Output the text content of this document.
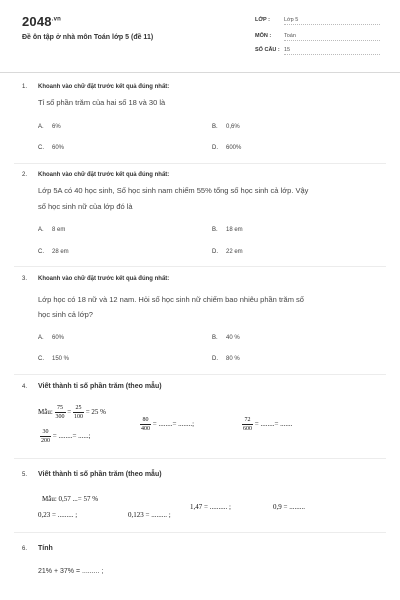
$2048^{.vn}$
Đề ôn tập ở nhà môn Toán lớp 5 (đề 11)
LỚP :	Lớp 5
MÔN : Toán
SỐ CÂU : 15
1. Khoanh vào chữ đặt trước kết quả đúng nhất:
Tỉ số phần trăm của hai số 18 và 30 là
A. 6%	B. 0,6%
C. 60%	D. 600%
2. Khoanh vào chữ đặt trước kết quả đúng nhất:
Lớp 5A có 40 học sinh, Số học sinh nam chiếm 55% tổng số học sinh cả lớp. Vậy
số học sinh nữ của lớp đó là
A. 8 em	B. 18 em
C. 28 em	D. 22 em
3. Khoanh vào chữ đặt trước kết quả đúng nhất:
Lớp học có 18 nữ và 12 nam. Hỏi số học sinh nữ chiếm bao nhiêu phần trăm số
học sinh cả lớp?
A. 60%	B. 40 %
C. 150 %	D. 80 %
4. Viết thành tỉ số phần trăm (theo mẫu)
Mẫu: $\frac{75}{300} = \frac{25}{100} = 25$ %
$\frac{80}{400}$ = ........= ........;	$\frac{72}{600}$ = ........= .......
$\frac{30}{200}$ = ........= ......;
5. Viết thành tỉ số phần trăm (theo mẫu)
Mẫu: 0,57 ...= 57 %
0,23 = ......... ;	0,123 = ......... ;
1,47 = .......... ;	0,9 = .........
6. Tính
21% + 37% = ......... ;
